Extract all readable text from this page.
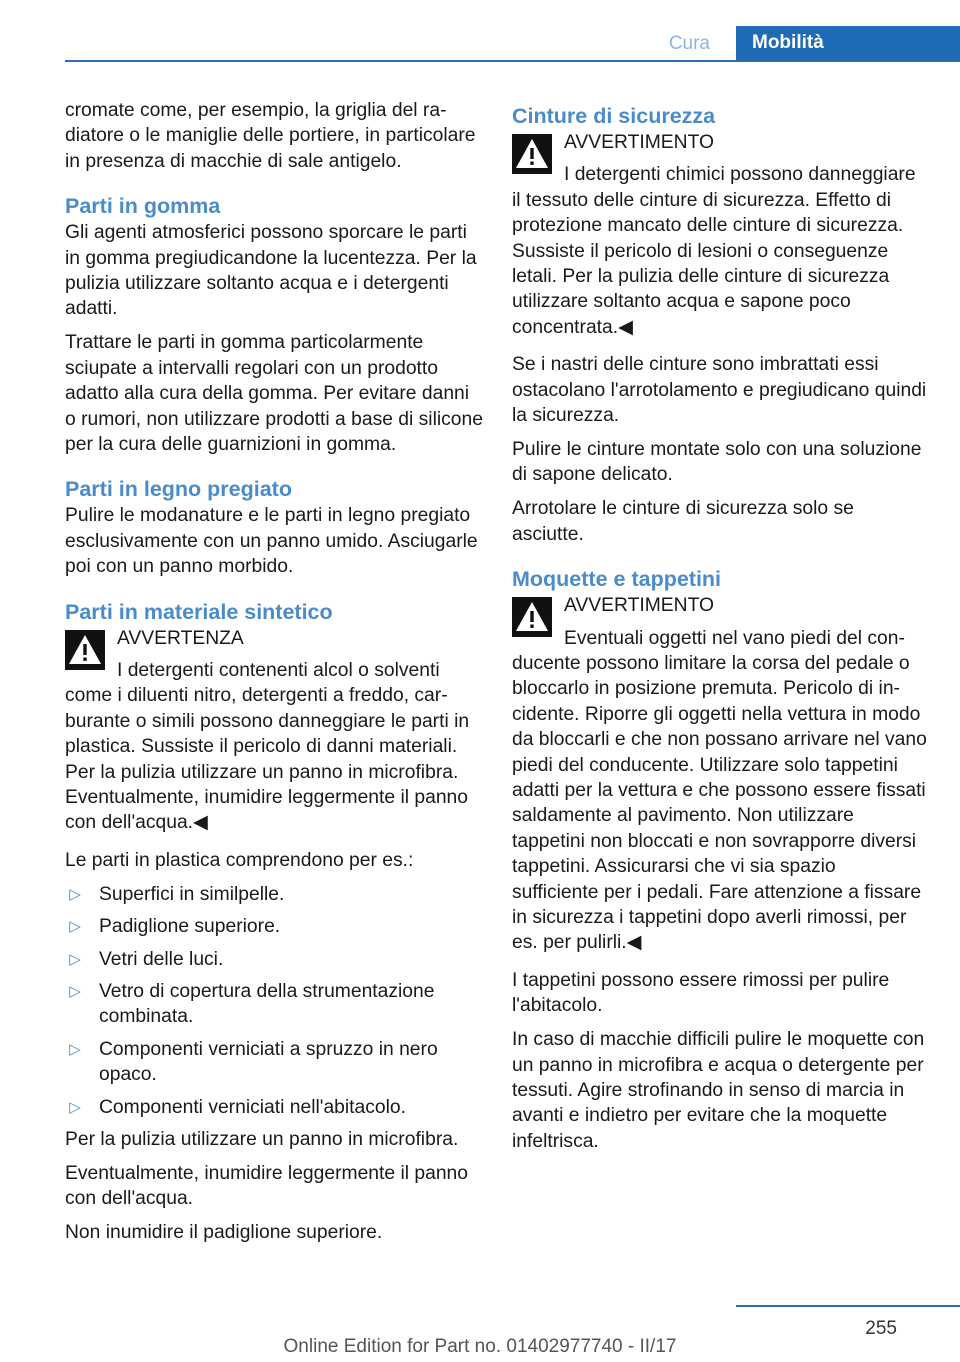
Cura	Mobilità

cromate come, per esempio, la griglia del radiatore o le maniglie delle portiere, in particolare in presenza di macchie di sale antigelo.

Parti in gomma

Gli agenti atmosferici possono sporcare le parti in gomma pregiudicandone la lucentezza. Per la pulizia utilizzare soltanto acqua e i detergenti adatti.

Trattare le parti in gomma particolarmente sciupate a intervalli regolari con un prodotto adatto alla cura della gomma. Per evitare danni o rumori, non utilizzare prodotti a base di silicone per la cura delle guarnizioni in gomma.

Parti in legno pregiato

Pulire le modanature e le parti in legno pregiato esclusivamente con un panno umido. Asciugarle poi con un panno morbido.

Parti in materiale sintetico
AVVERTENZA
I detergenti contenenti alcol o solventi come i diluenti nitro, detergenti a freddo, carburante o simili possono danneggiare le parti in plastica. Sussiste il pericolo di danni materiali. Per la pulizia utilizzare un panno in microfibra. Eventualmente, inumidire leggermente il panno con dell'acqua.◀

Le parti in plastica comprendono per es.:

▷ Superfici in similpelle.
▷ Padiglione superiore.
▷ Vetri delle luci.
▷ Vetro di copertura della strumentazione combinata.
▷ Componenti verniciati a spruzzo in nero opaco.
▷ Componenti verniciati nell'abitacolo.

Per la pulizia utilizzare un panno in microfibra.

Eventualmente, inumidire leggermente il panno con dell'acqua.

Non inumidire il padiglione superiore.

Cinture di sicurezza
AVVERTIMENTO
I detergenti chimici possono danneggiare il tessuto delle cinture di sicurezza. Effetto di protezione mancato delle cinture di sicurezza. Sussiste il pericolo di lesioni o conseguenze letali. Per la pulizia delle cinture di sicurezza utilizzare soltanto acqua e sapone poco concentrata.◀

Se i nastri delle cinture sono imbrattati essi ostacolano l'arrotolamento e pregiudicano quindi la sicurezza.

Pulire le cinture montate solo con una soluzione di sapone delicato.

Arrotolare le cinture di sicurezza solo se asciutte.

Moquette e tappetini
AVVERTIMENTO
Eventuali oggetti nel vano piedi del conducente possono limitare la corsa del pedale o bloccarlo in posizione premuta. Pericolo di incidente. Riporre gli oggetti nella vettura in modo da bloccarli e che non possano arrivare nel vano piedi del conducente. Utilizzare solo tappetini adatti per la vettura e che possono essere fissati saldamente al pavimento. Non utilizzare tappetini non bloccati e non sovrapporre diversi tappetini. Assicurarsi che vi sia spazio sufficiente per i pedali. Fare attenzione a fissare in sicurezza i tappetini dopo averli rimossi, per es. per pulirli.◀

I tappetini possono essere rimossi per pulire l'abitacolo.

In caso di macchie difficili pulire le moquette con un panno in microfibra e acqua o detergente per tessuti. Agire strofinando in senso di marcia in avanti e indietro per evitare che la moquette infeltrisca.

255
Online Edition for Part no. 01402977740 - II/17
